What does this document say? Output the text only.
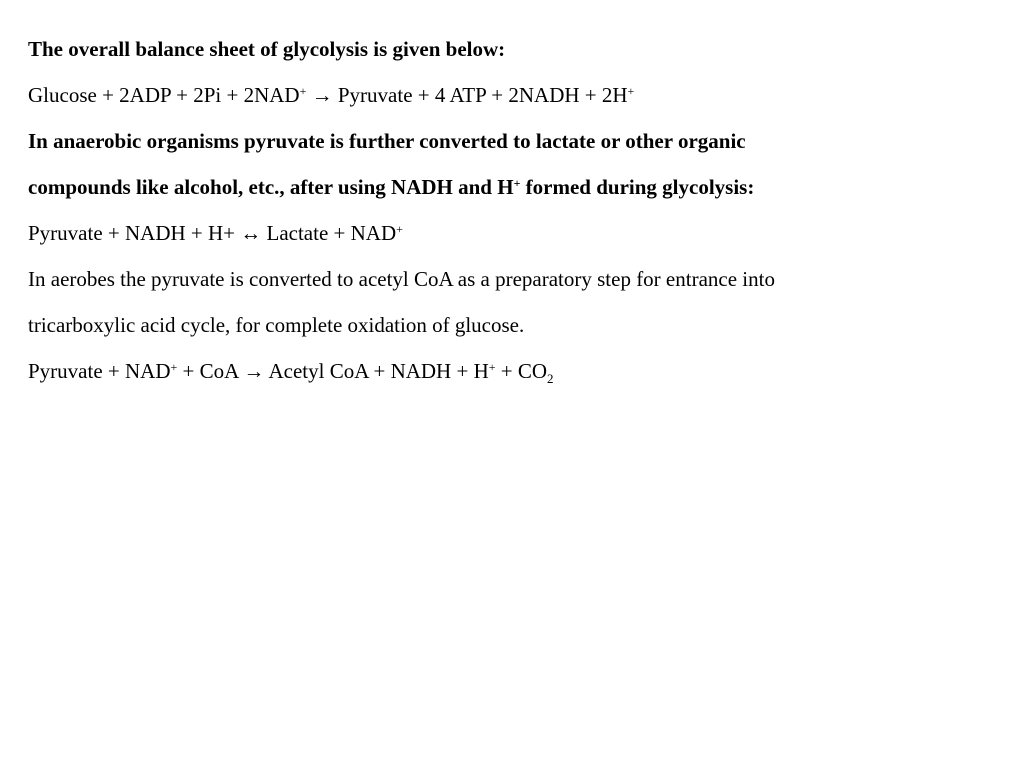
The overall balance sheet of glycolysis is given below:

Glucose + 2ADP + 2Pi + 2NAD+ → Pyruvate + 4 ATP + 2NADH + 2H+

In anaerobic organisms pyruvate is further converted to lactate or other organic

compounds like alcohol, etc., after using NADH and H+ formed during glycolysis:

Pyruvate + NADH + H+ ↔ Lactate + NAD+

In aerobes the pyruvate is converted to acetyl CoA as a preparatory step for entrance into

tricarboxylic acid cycle, for complete oxidation of glucose.

Pyruvate + NAD+ + CoA → Acetyl CoA + NADH + $H^+ + CO_2$
